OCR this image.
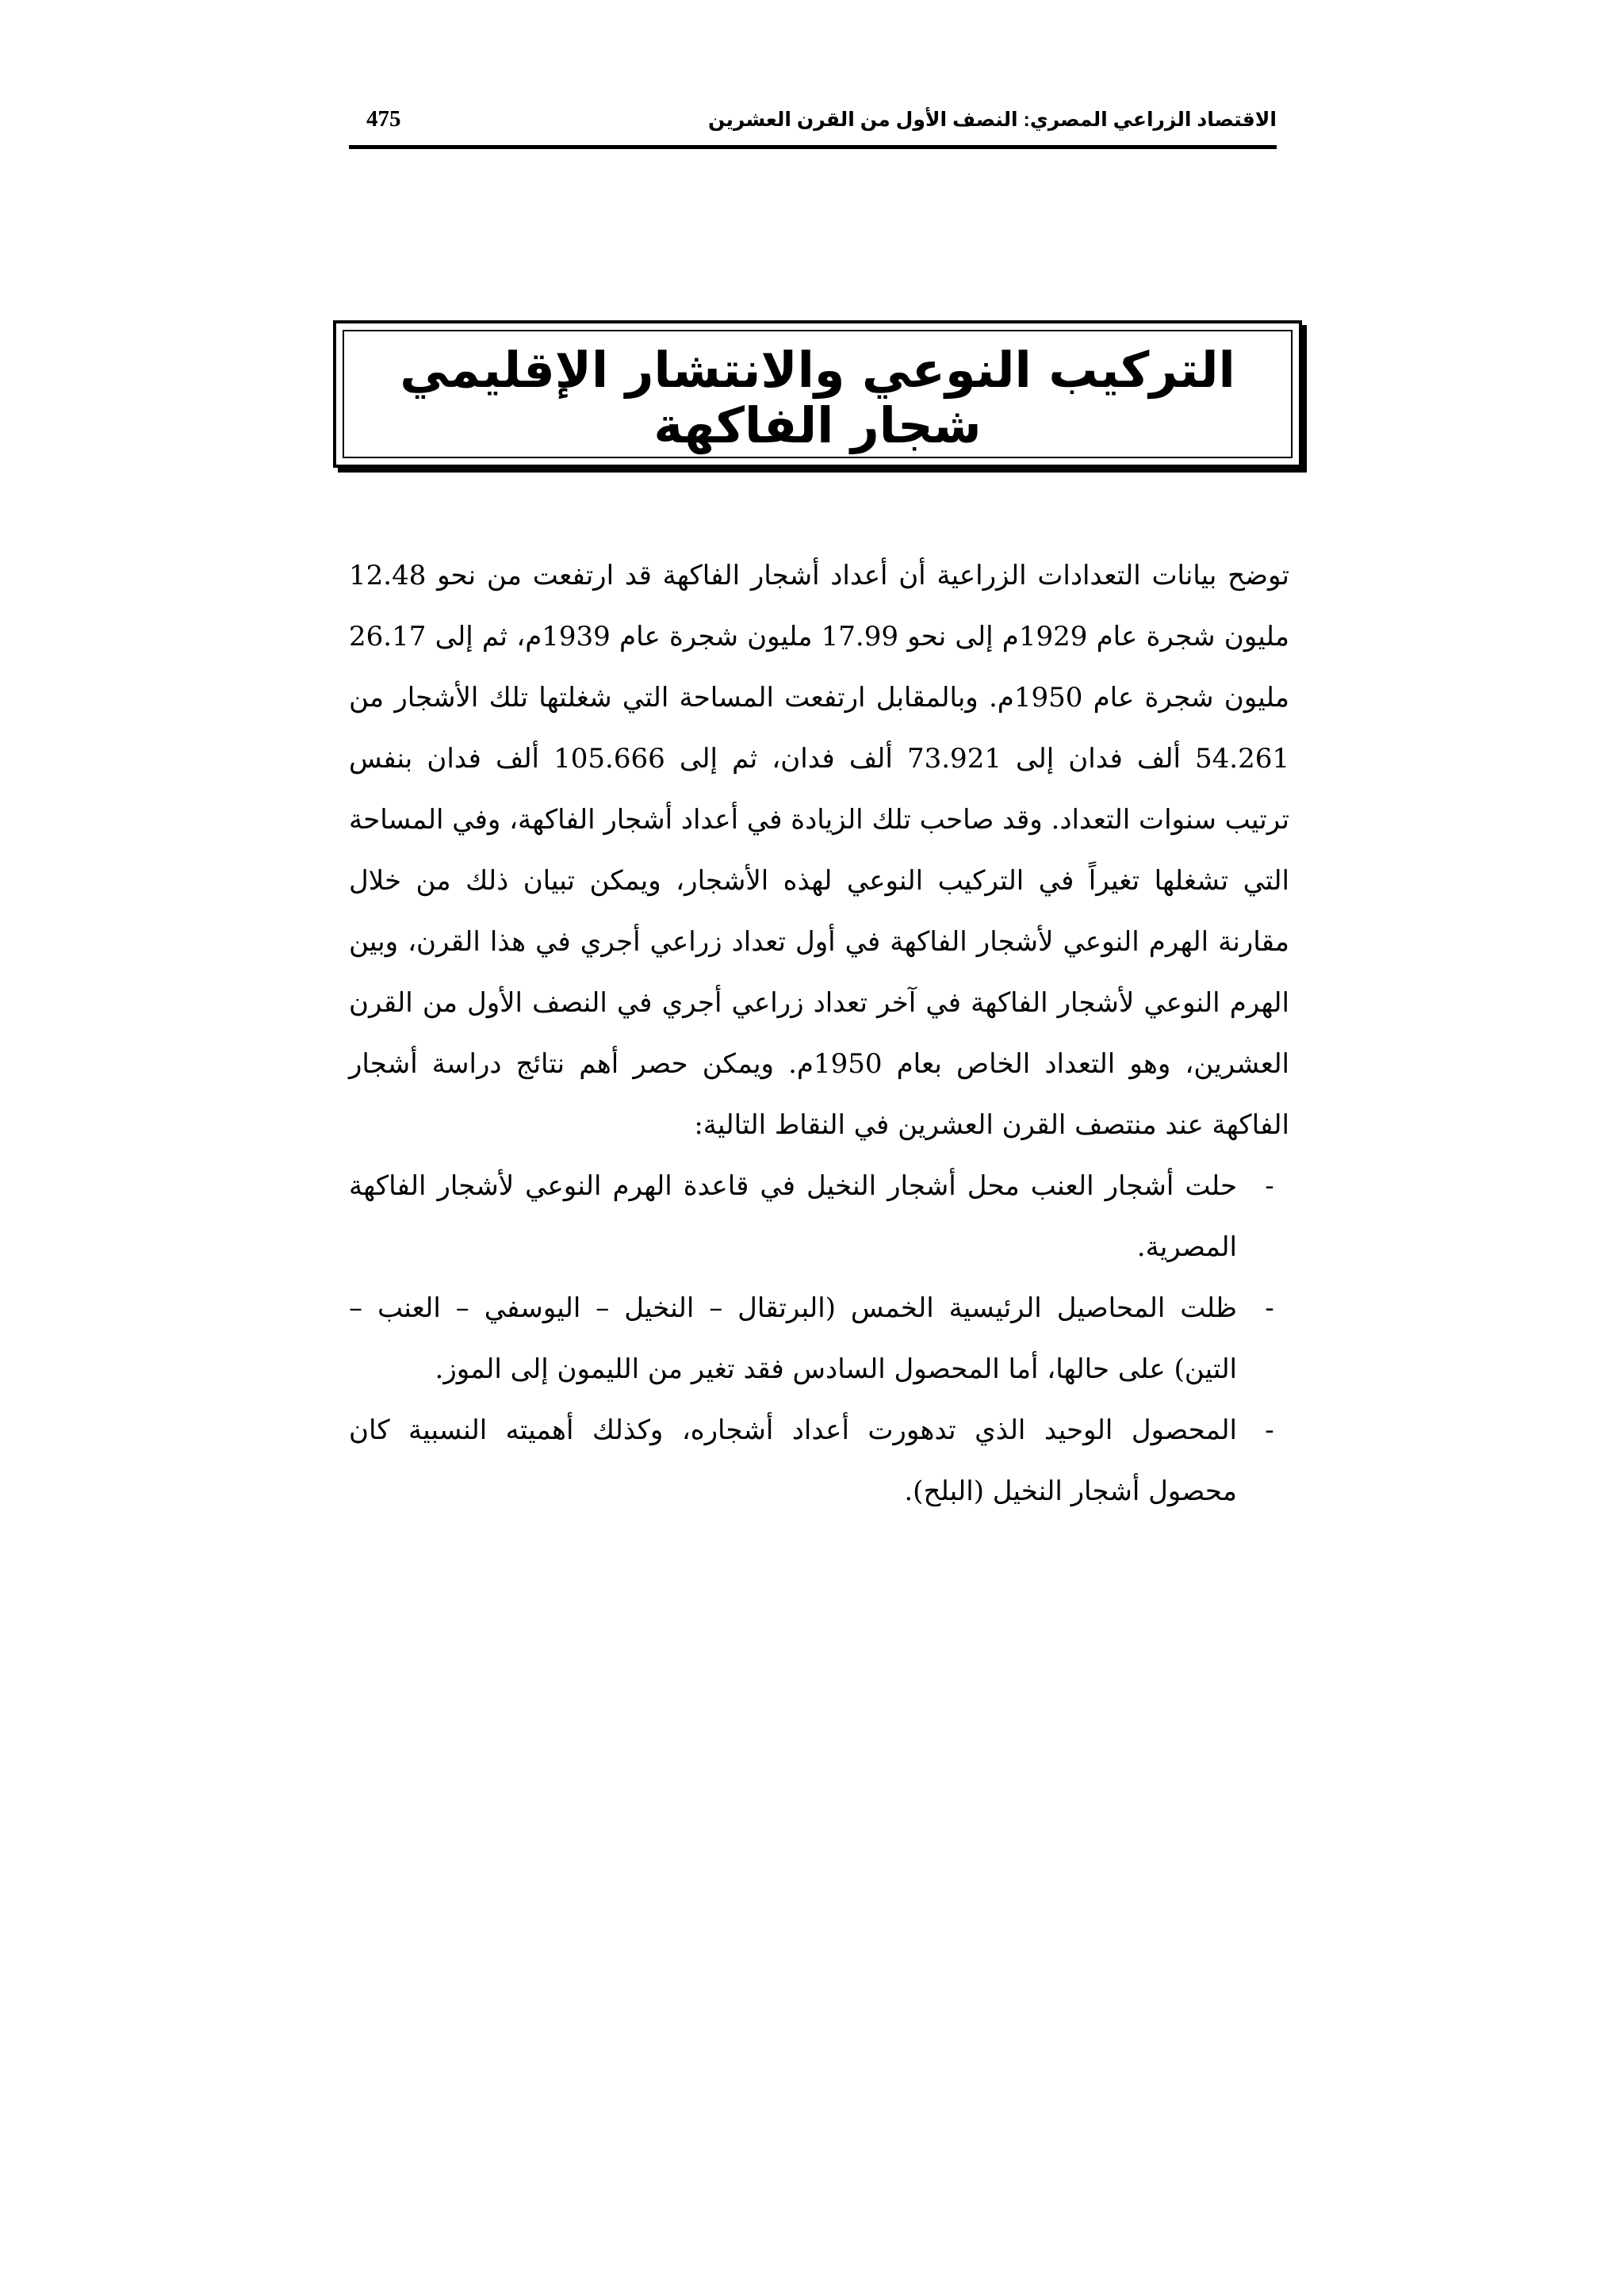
الاقتصاد الزراعي المصري: النصف الأول من القرن العشرين
475
التركيب النوعي والانتشار الإقليمي
شجار الفاكهة

توضح بيانات التعدادات الزراعية أن أعداد أشجار الفاكهة قد ارتفعت من نحو 12.48 مليون شجرة عام 1929م إلى نحو 17.99 مليون شجرة عام 1939م، ثم إلى 26.17 مليون شجرة عام 1950م. وبالمقابل ارتفعت المساحة التي شغلتها تلك الأشجار من 54.261 ألف فدان إلى 73.921 ألف فدان، ثم إلى 105.666 ألف فدان بنفس ترتيب سنوات التعداد. وقد صاحب تلك الزيادة في أعداد أشجار الفاكهة، وفي المساحة التي تشغلها تغيراً في التركيب النوعي لهذه الأشجار، ويمكن تبيان ذلك من خلال مقارنة الهرم النوعي لأشجار الفاكهة في أول تعداد زراعي أجري في هذا القرن، وبين الهرم النوعي لأشجار الفاكهة في آخر تعداد زراعي أجري في النصف الأول من القرن العشرين، وهو التعداد الخاص بعام 1950م. ويمكن حصر أهم نتائج دراسة أشجار الفاكهة عند منتصف القرن العشرين في النقاط التالية:

-
حلت أشجار العنب محل أشجار النخيل في قاعدة الهرم النوعي لأشجار الفاكهة المصرية.
-
ظلت المحاصيل الرئيسية الخمس (البرتقال – النخيل – اليوسفي – العنب – التين) على حالها، أما المحصول السادس فقد تغير من الليمون إلى الموز.
-
المحصول الوحيد الذي تدهورت أعداد أشجاره، وكذلك أهميته النسبية كان محصول أشجار النخيل (البلح).
